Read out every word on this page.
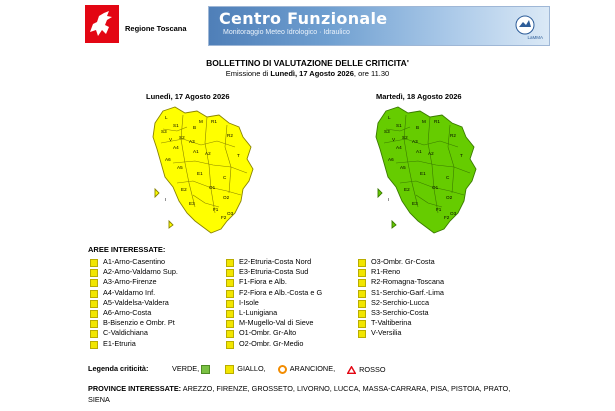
Regione Toscana
Centro Funzionale
Monitoraggio Meteo Idrologico · Idraulico
LaMMA
BOLLETTINO DI VALUTAZIONE DELLE CRITICITA'
Emissione di Lunedì, 17 Agosto 2026, ore 11.30
Lunedì, 17 Agosto 2026	Martedì, 18 Agosto 2026
A1 A2
A3
A4
A5
A6
B
C
E1
E2
E3
F1
F2
I
L
M
O1
O2
O3
R1
R2
S1
S2
S3
T
V
A1 A2
A3
A4
A5
A6
B
C
E1
E2
E3
F1
F2
I
L
M
O1
O2
O3
R1
R2
S1
S2
S3
T
V
AREE INTERESSATE:
A1-Arno-Casentino
A2-Arno-Valdarno Sup.
A3-Arno-Firenze
A4-Valdarno Inf.
A5-Valdelsa-Valdera
A6-Arno-Costa
B-Bisenzio e Ombr. Pt
C-Valdichiana
E1-Etruria
E2-Etruria-Costa Nord
E3-Etruria-Costa Sud
F1-Fiora e Alb.
F2-Fiora e Alb.-Costa e G
I-Isole
L-Lunigiana
M-Mugello-Val di Sieve
O1-Ombr. Gr-Alto
O2-Ombr. Gr-Medio
O3-Ombr. Gr-Costa
R1-Reno
R2-Romagna-Toscana
S1-Serchio-Garf.-Lima
S2-Serchio-Lucca
S3-Serchio-Costa
T-Valtiberina
V-Versilia
Legenda criticità:	VERDE,	GIALLO,	ARANCIONE,	ROSSO
PROVINCE INTERESSATE: AREZZO, FIRENZE, GROSSETO, LIVORNO, LUCCA, MASSA-CARRARA, PISA, PISTOIA, PRATO, SIENA
